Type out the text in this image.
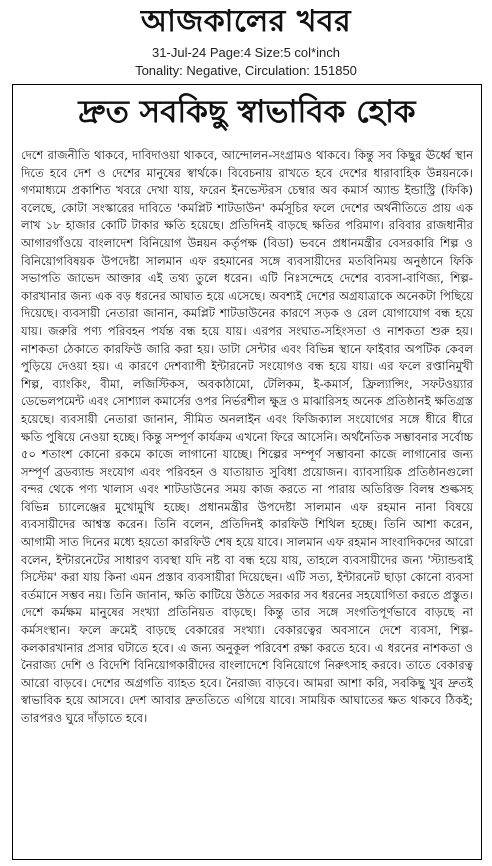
আজকালের খবর
31-Jul-24 Page:4 Size:5 col*inch
Tonality: Negative, Circulation: 151850
দ্রুত সবকিছু স্বাভাবিক হোক

দেশে রাজনীতি থাকবে, দাবিদাওয়া থাকবে, আন্দোলন-সংগ্রামও থাকবে। কিন্তু সব কিছুর ঊর্ধ্বে স্থান দিতে হবে দেশ ও দেশের মানুষের স্বার্থকে। বিবেচনায় রাখতে হবে দেশের ধারাবাহিক উন্নয়নকে। গণমাধ্যমে প্রকাশিত খবরে দেখা যায়, ফরেন ইনভেস্টরস চেম্বার অব কমার্স অ্যান্ড ইন্ডাস্ট্রি (ফিকি) বলেছে, কোটা সংস্কারের দাবিতে 'কমপ্লিট শাটডাউন' কর্মসূচির ফলে দেশের অর্থনীতিতে প্রায় এক লাখ ১৮ হাজার কোটি টাকার ক্ষতি হয়েছে। প্রতিদিনই বাড়ছে ক্ষতির পরিমাণ। রবিবার রাজধানীর আগারগাঁওয়ে বাংলাদেশ বিনিয়োগ উন্নয়ন কর্তৃপক্ষ (বিডা) ভবনে প্রধানমন্ত্রীর বেসরকারি শিল্প ও বিনিয়োগবিষয়ক উপদেষ্টা সালমান এফ রহমানের সঙ্গে ব্যবসায়ীদের মতবিনিময় অনুষ্ঠানে ফিকি সভাপতি জাভেদ আক্তার এই তথ্য তুলে ধরেন। এটি নিঃসন্দেহে দেশের ব্যবসা-বাণিজ্য, শিল্প-কারখানার জন্য এক বড় ধরনের আঘাত হয়ে এসেছে। অবশ্যই দেশের অগ্রযাত্রাকে অনেকটা পিছিয়ে দিয়েছে। ব্যবসায়ী নেতারা জানান, কমপ্লিট শাটডাউনের কারণে সড়ক ও রেল যোগাযোগ বন্ধ হয়ে যায়। জরুরি পণ্য পরিবহন পর্যন্ত বন্ধ হয়ে যায়। এরপর সংঘাত-সহিংসতা ও নাশকতা শুরু হয়। নাশকতা ঠেকাতে কারফিউ জারি করা হয়। ডাটা সেন্টার এবং বিভিন্ন স্থানে ফাইবার অপটিক কেবল পুড়িয়ে দেওয়া হয়। এ কারণে দেশব্যাপী ইন্টারনেট সংযোগও বন্ধ হয়ে যায়। এর ফলে রপ্তানিমুখী শিল্প, ব্যাংকিং, বীমা, লজিস্টিকস, অবকাঠামো, টেলিকম, ই-কমার্স, ফ্রিল্যান্সিং, সফটওয়্যার ডেভেলপমেন্ট এবং সোশ্যাল কমার্সের ওপর নির্ভরশীল ক্ষুদ্র ও মাঝারিসহ অনেক প্রতিষ্ঠানই ক্ষতিগ্রস্ত হয়েছে। ব্যবসায়ী নেতারা জানান, সীমিত অনলাইন এবং ফিজিক্যাল সংযোগের সঙ্গে ধীরে ধীরে ক্ষতি পুষিয়ে নেওয়া হচ্ছে। কিন্তু সম্পূর্ণ কার্যক্রম এখনো ফিরে আসেনি। অর্থনৈতিক সম্ভাবনার সর্বোচ্চ ৫০ শতাংশ কোনো রকমে কাজে লাগানো যাচ্ছে। শিল্পের সম্পূর্ণ সম্ভাবনা কাজে লাগানোর জন্য সম্পূর্ণ ব্রডব্যান্ড সংযোগ এবং পরিবহন ও যাতায়াত সুবিধা প্রয়োজন। ব্যাবসায়িক প্রতিষ্ঠানগুলো বন্দর থেকে পণ্য খালাস এবং শাটডাউনের সময় কাজ করতে না পারায় অতিরিক্ত বিলম্ব শুল্কসহ বিভিন্ন চ্যালেঞ্জের মুখোমুখি হচ্ছে। প্রধানমন্ত্রীর উপদেষ্টা সালমান এফ রহমান নানা বিষয়ে ব্যবসায়ীদের আশ্বস্ত করেন। তিনি বলেন, প্রতিদিনই কারফিউ শিথিল হচ্ছে। তিনি আশা করেন, আগামী সাত দিনের মধ্যে হয়তো কারফিউ শেষ হয়ে যাবে। সালমান এফ রহমান সাংবাদিকদের আরো বলেন, ইন্টারনেটের সাধারণ ব্যবস্থা যদি নষ্ট বা বন্ধ হয়ে যায়, তাহলে ব্যবসায়ীদের জন্য 'স্ট্যান্ডবাই সিস্টেম' করা যায় কিনা এমন প্রস্তাব ব্যবসায়ীরা দিয়েছেন। এটি সত্য, ইন্টারনেট ছাড়া কোনো ব্যবসা বর্তমানে সম্ভব নয়। তিনি জানান, ক্ষতি কাটিয়ে উঠতে সরকার সব ধরনের সহযোগিতা করতে প্রস্তুত। দেশে কর্মক্ষম মানুষের সংখ্যা প্রতিনিয়ত বাড়ছে। কিন্তু তার সঙ্গে সংগতিপূর্ণভাবে বাড়ছে না কর্মসংস্থান। ফলে ক্রমেই বাড়ছে বেকারের সংখ্যা। বেকারত্বের অবসানে দেশে ব্যবসা, শিল্প-কলকারখানার প্রসার ঘটাতে হবে। এ জন্য অনুকূল পরিবেশ রক্ষা করতে হবে। এ ধরনের নাশকতা ও নৈরাজ্য দেশি ও বিদেশি বিনিয়োগকারীদের বাংলাদেশে বিনিয়োগে নিরুৎসাহ করবে। তাতে বেকারত্ব আরো বাড়বে। দেশের অগ্রগতি ব্যাহত হবে। নৈরাজ্য বাড়বে। আমরা আশা করি, সবকিছু খুব দ্রুতই স্বাভাবিক হয়ে আসবে। দেশ আবার দ্রুততিতে এগিয়ে যাবে। সাময়িক আঘাতের ক্ষত থাকবে ঠিকই; তারপরও ঘুরে দাঁড়াতে হবে।
